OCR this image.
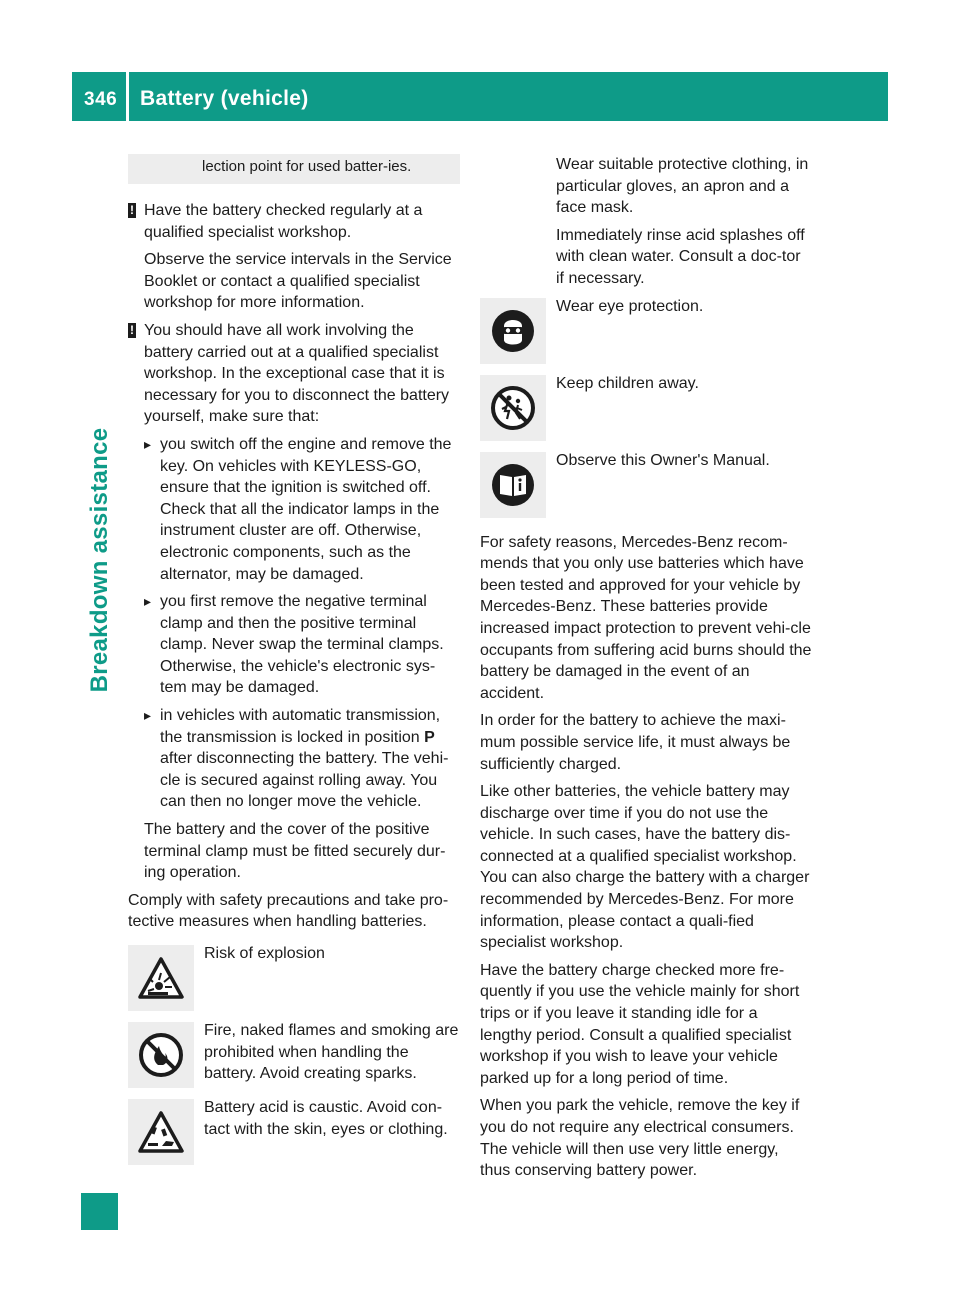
346 Battery (vehicle)
Breakdown assistance
lection point for used batter-ies.
! Have the battery checked regularly at a qualified specialist workshop.

Observe the service intervals in the Service Booklet or contact a qualified specialist workshop for more information.

! You should have all work involving the battery carried out at a qualified specialist workshop. In the exceptional case that it is necessary for you to disconnect the battery yourself, make sure that:
▸ you switch off the engine and remove the key. On vehicles with KEYLESS-GO, ensure that the ignition is switched off. Check that all the indicator lamps in the instrument cluster are off. Otherwise, electronic components, such as the alternator, may be damaged.
▸ you first remove the negative terminal clamp and then the positive terminal clamp. Never swap the terminal clamps. Otherwise, the vehicle's electronic sys-tem may be damaged.
▸ in vehicles with automatic transmission, the transmission is locked in position P after disconnecting the battery. The vehi-cle is secured against rolling away. You can then no longer move the vehicle.

The battery and the cover of the positive terminal clamp must be fitted securely dur-ing operation.

Comply with safety precautions and take pro-tective measures when handling batteries.

Risk of explosion
Fire, naked flames and smoking are prohibited when handling the battery. Avoid creating sparks.
Battery acid is caustic. Avoid con-tact with the skin, eyes or clothing.

Wear suitable protective clothing, in particular gloves, an apron and a face mask.

Immediately rinse acid splashes off with clean water. Consult a doc-tor if necessary.

Wear eye protection.
Keep children away.
Observe this Owner's Manual.

For safety reasons, Mercedes-Benz recom-mends that you only use batteries which have been tested and approved for your vehicle by Mercedes-Benz. These batteries provide increased impact protection to prevent vehi-cle occupants from suffering acid burns should the battery be damaged in the event of an accident.

In order for the battery to achieve the maxi-mum possible service life, it must always be sufficiently charged.

Like other batteries, the vehicle battery may discharge over time if you do not use the vehicle. In such cases, have the battery dis-connected at a qualified specialist workshop. You can also charge the battery with a charger recommended by Mercedes-Benz. For more information, please contact a quali-fied specialist workshop.

Have the battery charge checked more fre-quently if you use the vehicle mainly for short trips or if you leave it standing idle for a lengthy period. Consult a qualified specialist workshop if you wish to leave your vehicle parked up for a long period of time.

When you park the vehicle, remove the key if you do not require any electrical consumers. The vehicle will then use very little energy, thus conserving battery power.
